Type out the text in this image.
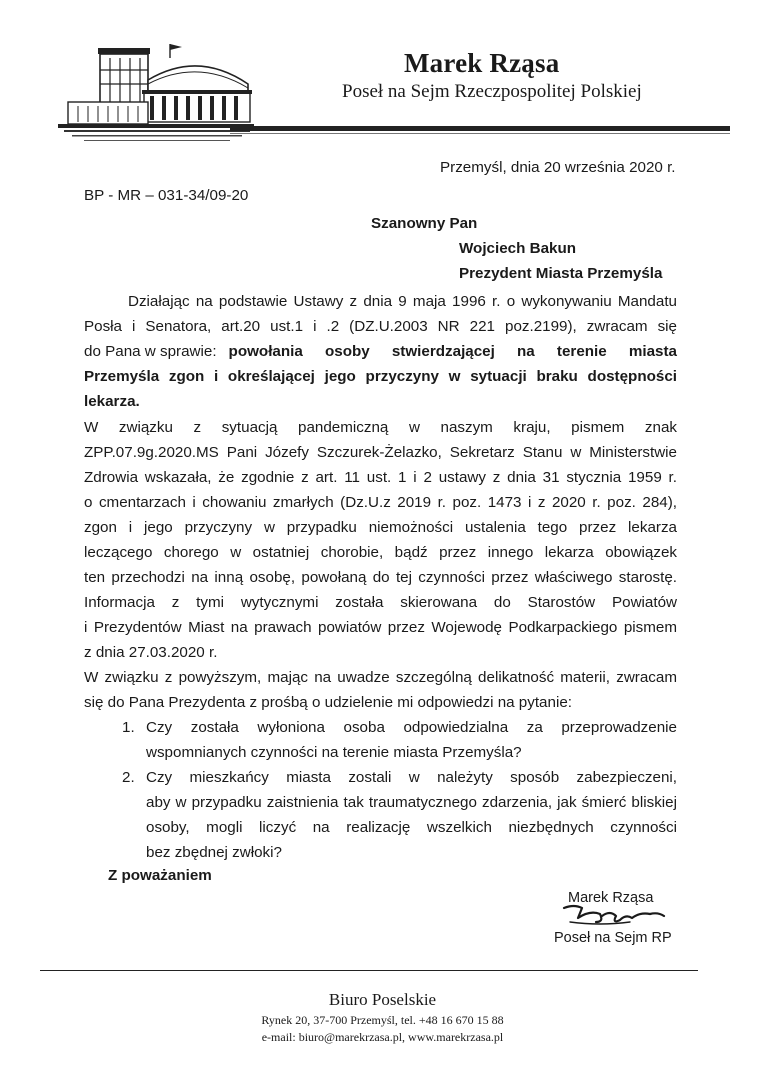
Marek Rząsa
Poseł na Sejm Rzeczpospolitej Polskiej
Przemyśl, dnia 20 września 2020 r.
BP - MR – 031-34/09-20
Szanowny Pan
Wojciech Bakun
Prezydent Miasta Przemyśla
Działając na podstawie Ustawy z dnia 9 maja 1996 r. o wykonywaniu Mandatu
Posła i Senatora, art.20 ust.1 i .2 (DZ.U.2003 NR 221 poz.2199), zwracam się
do Pana w sprawie: powołania osoby stwierdzającej na terenie miasta
Przemyśla zgon i określającej jego przyczyny w sytuacji braku dostępności
lekarza.
W związku z sytuacją pandemiczną w naszym kraju, pismem znak
ZPP.07.9g.2020.MS Pani Józefy Szczurek-Żelazko, Sekretarz Stanu w Ministerstwie
Zdrowia wskazała, że zgodnie z art. 11 ust. 1 i 2 ustawy z dnia 31 stycznia 1959 r.
o cmentarzach i chowaniu zmarłych (Dz.U.z 2019 r. poz. 1473 i z 2020 r. poz. 284),
zgon i jego przyczyny w przypadku niemożności ustalenia tego przez lekarza
leczącego chorego w ostatniej chorobie, bądź przez innego lekarza obowiązek
ten przechodzi na inną osobę, powołaną do tej czynności przez właściwego starostę.
Informacja z tymi wytycznymi została skierowana do Starostów Powiatów
i Prezydentów Miast na prawach powiatów przez Wojewodę Podkarpackiego pismem
z dnia 27.03.2020 r.
W związku z powyższym, mając na uwadze szczególną delikatność materii, zwracam
się do Pana Prezydenta z prośbą o udzielenie mi odpowiedzi na pytanie:
1. Czy została wyłoniona osoba odpowiedzialna za przeprowadzenie
wspomnianych czynności na terenie miasta Przemyśla?
2. Czy mieszkańcy miasta zostali w należyty sposób zabezpieczeni,
aby w przypadku zaistnienia tak traumatycznego zdarzenia, jak śmierć bliskiej
osoby, mogli liczyć na realizację wszelkich niezbędnych czynności
bez zbędnej zwłoki?
Z poważaniem
Marek Rząsa
Poseł na Sejm RP
Biuro Poselskie
Rynek 20, 37-700 Przemyśl, tel. +48 16 670 15 88
e-mail: biuro@marekrzasa.pl, www.marekrzasa.pl
